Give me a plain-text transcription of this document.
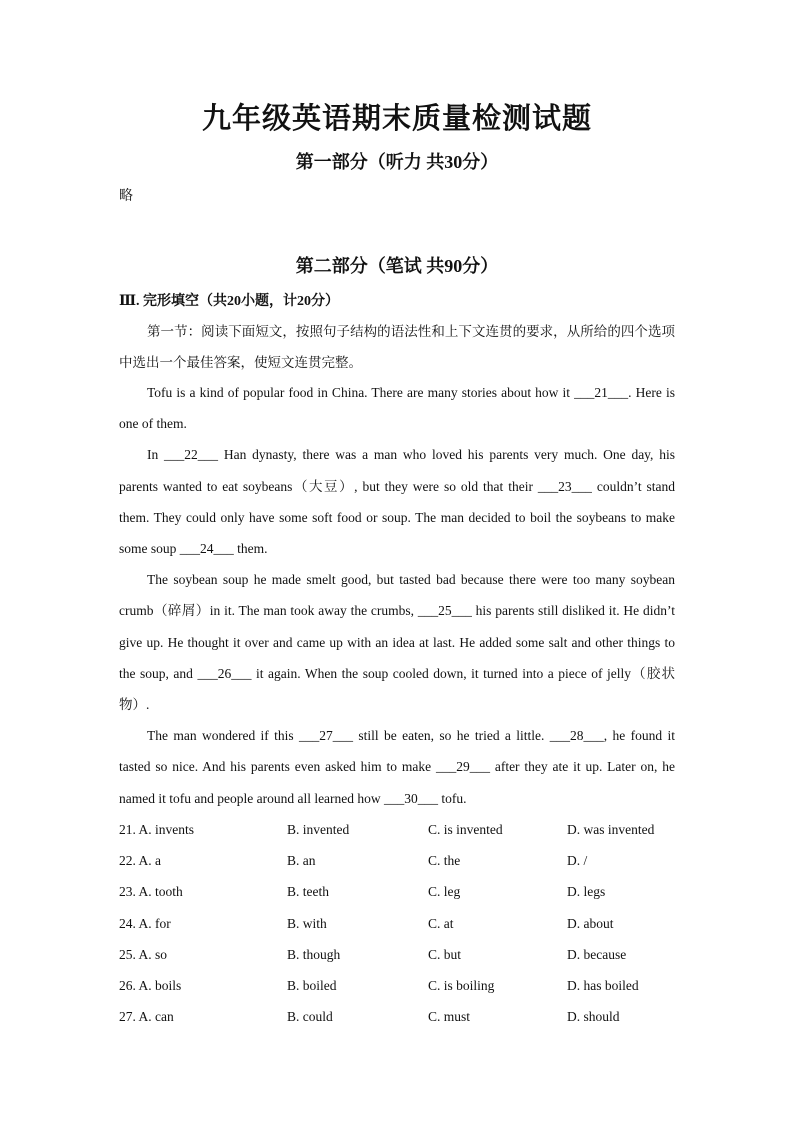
九年级英语期末质量检测试题
第一部分（听力 共30分）
略
第二部分（笔试 共90分）
Ⅲ. 完形填空（共20小题，计20分）

第一节：阅读下面短文，按照句子结构的语法性和上下文连贯的要求，从所给的四个选项中选出一个最佳答案，使短文连贯完整。

Tofu is a kind of popular food in China. There are many stories about how it ___21___. Here is one of them.

In ___22___ Han dynasty, there was a man who loved his parents very much. One day, his parents wanted to eat soybeans（大豆）, but they were so old that their ___23___ couldn’t stand them. They could only have some soft food or soup. The man decided to boil the soybeans to make some soup ___24___ them.

The soybean soup he made smelt good, but tasted bad because there were too many soybean crumb（碎屑）in it. The man took away the crumbs, ___25___ his parents still disliked it. He didn’t give up. He thought it over and came up with an idea at last. He added some salt and other things to the soup, and ___26___ it again. When the soup cooled down, it turned into a piece of jelly（胶状物）.

The man wondered if this ___27___ still be eaten, so he tried a little. ___28___, he found it tasted so nice. And his parents even asked him to make ___29___ after they ate it up. Later on, he named it tofu and people around all learned how ___30___ tofu.

21. A. invents	B. invented	C. is invented	D. was invented
22. A. a	B. an	C. the	D. /
23. A. tooth	B. teeth	C. leg	D. legs
24. A. for	B. with	C. at	D. about
25. A. so	B. though	C. but	D. because
26. A. boils	B. boiled	C. is boiling	D. has boiled
27. A. can	B. could	C. must	D. should
